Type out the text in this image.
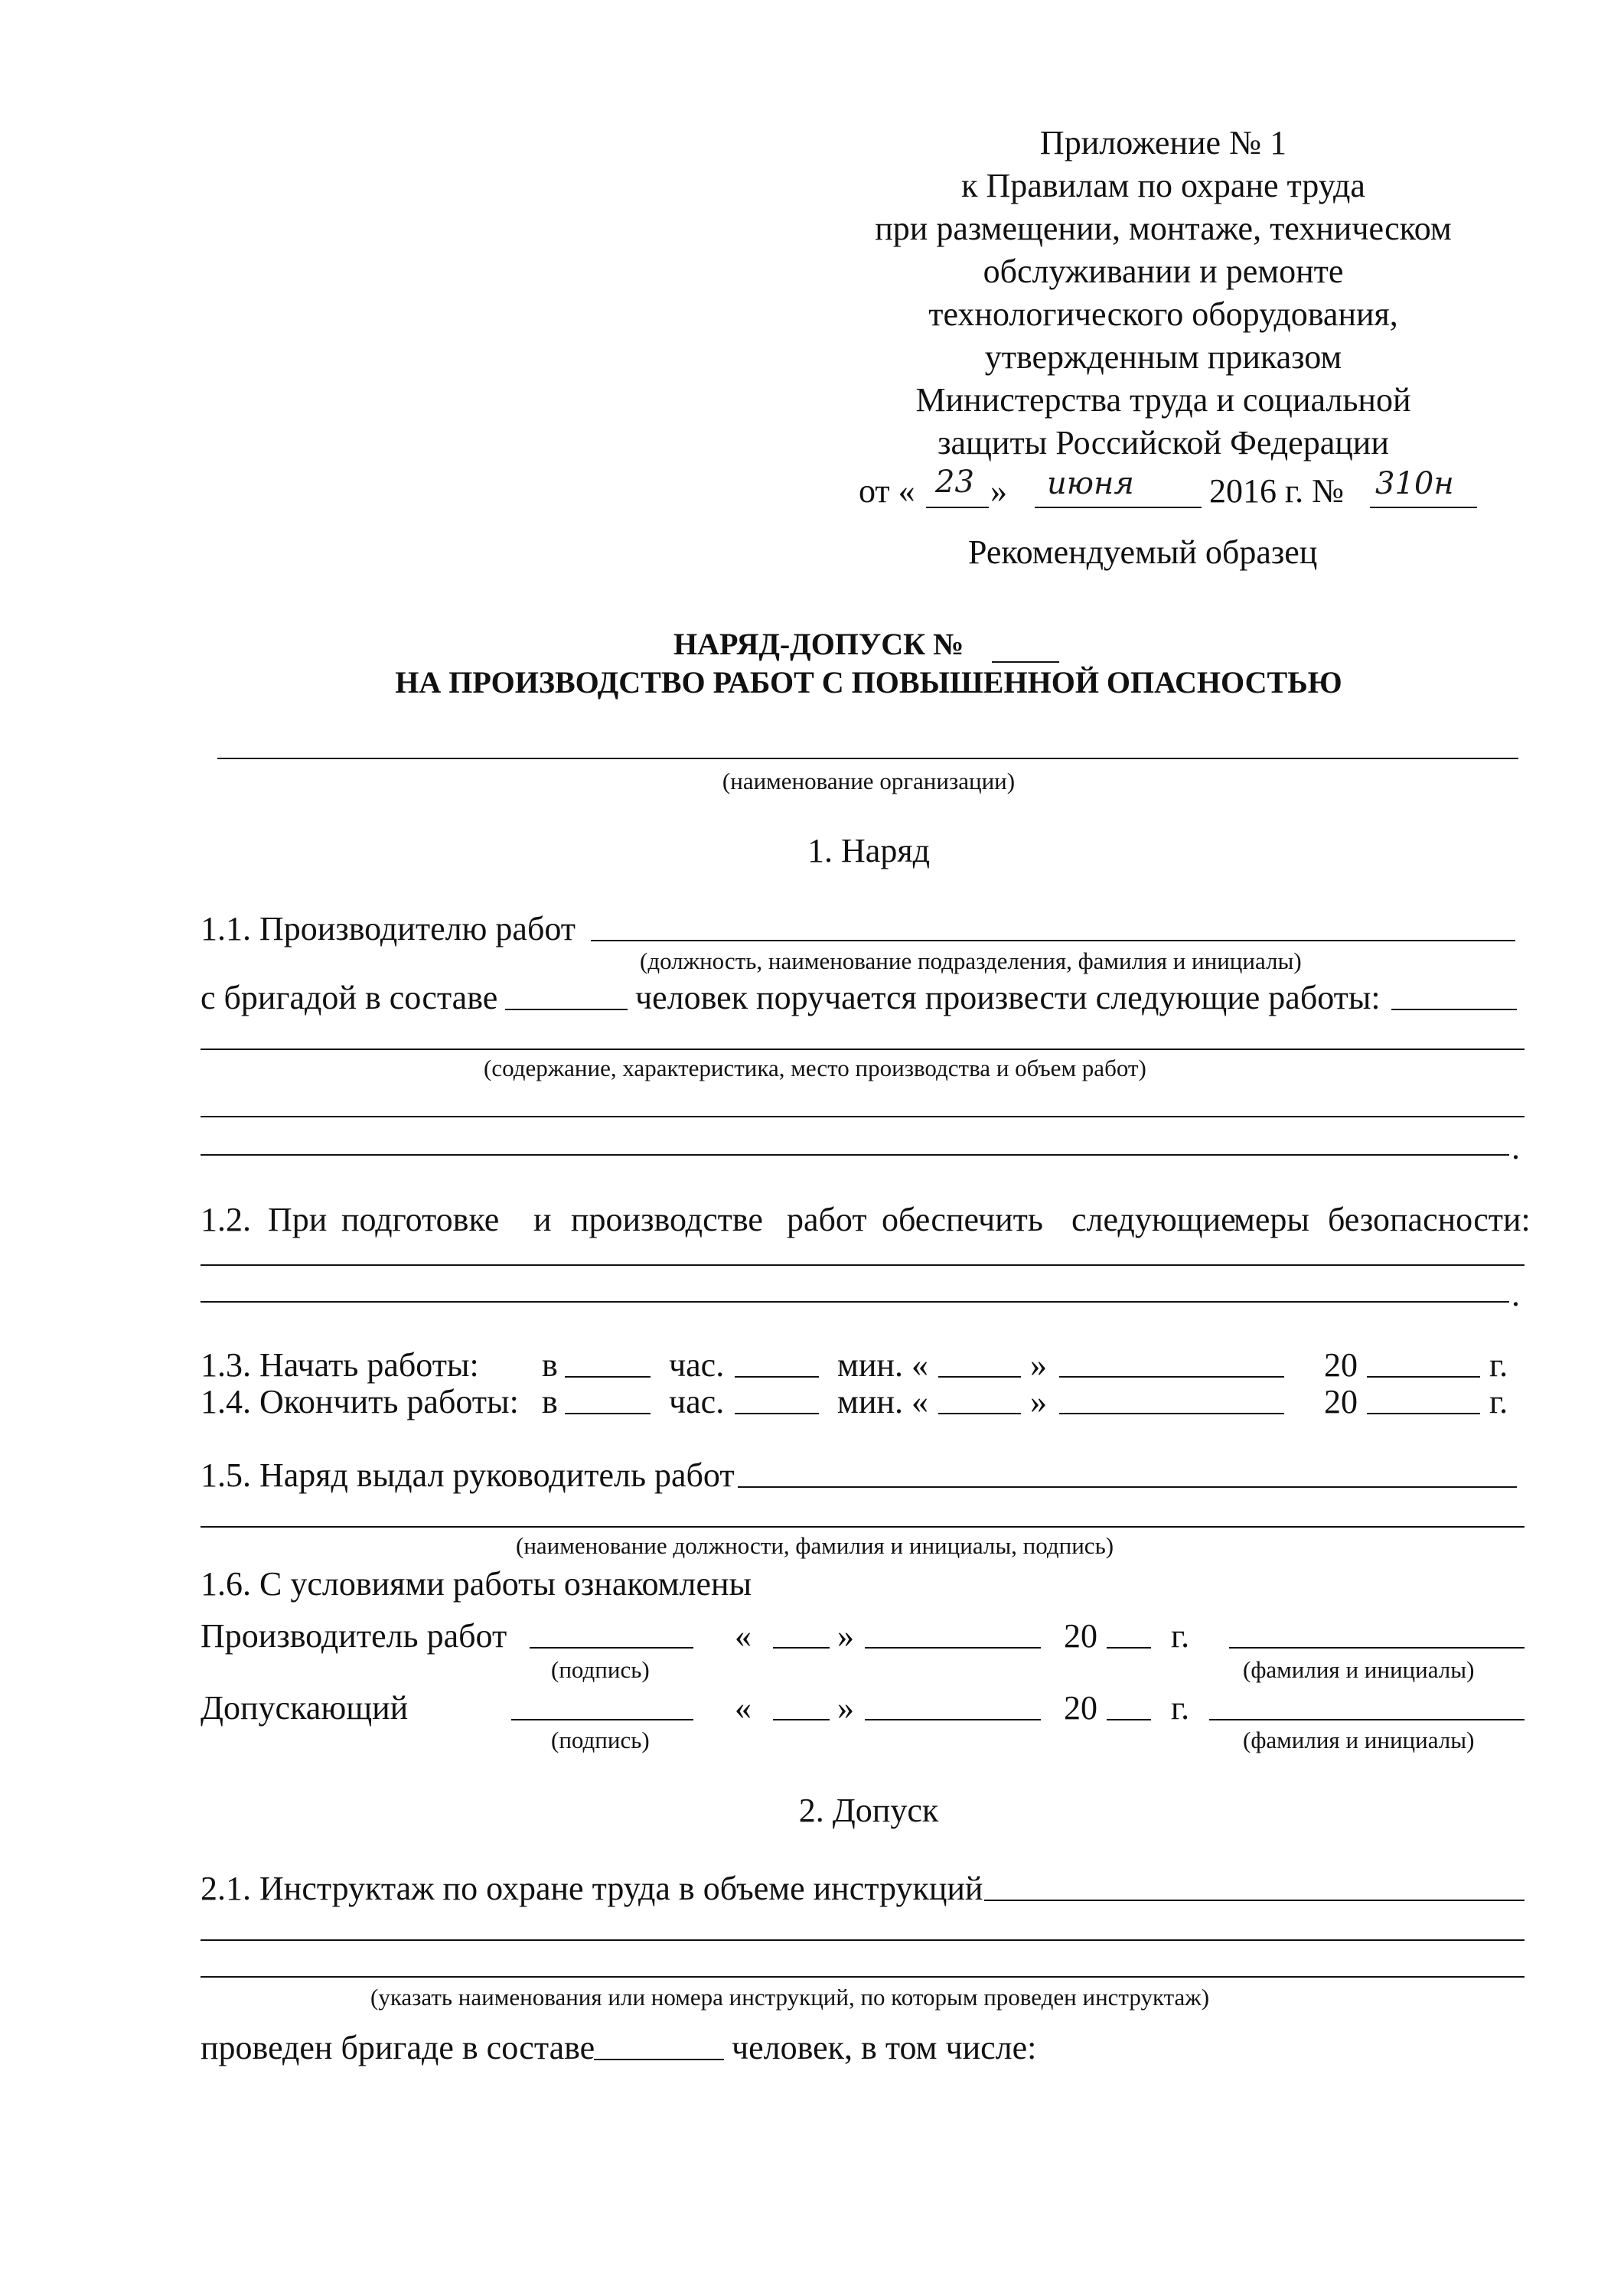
Приложение № 1
к Правилам по охране труда
при размещении, монтаже, техническом
обслуживании и ремонте
технологического оборудования,
утвержденным приказом
Министерства труда и социальной
защиты Российской Федерации
от « 23 » июня 2016 г. № 310н
Рекомендуемый образец
НАРЯД-ДОПУСК №
НА ПРОИЗВОДСТВО РАБОТ С ПОВЫШЕННОЙ ОПАСНОСТЬЮ
(наименование организации)
1. Наряд
1.1. Производителю работ
(должность, наименование подразделения, фамилия и инициалы)
с бригадой в составе	человек поручается произвести следующие работы:
(содержание, характеристика, место производства и объем работ)
.
1.2. При подготовке и производстве работ обеспечить следующие
меры безопасности:
.
1.3. Начать работы: в	час.	мин. «	»	20	г.
1.4. Окончить работы: в	час.	мин. «	»	20	г.
1.5. Наряд выдал руководитель работ
(наименование должности, фамилия и инициалы, подпись)
1.6. С условиями работы ознакомлены
Производитель работ	«	»	20 г.
(подпись)	(фамилия и инициалы)
Допускающий	«	»	20 г.
(подпись)	(фамилия и инициалы)
2. Допуск
2.1. Инструктаж по охране труда в объеме инструкций
(указать наименования или номера инструкций, по которым проведен инструктаж)
проведен бригаде в составе	человек, в том числе:
